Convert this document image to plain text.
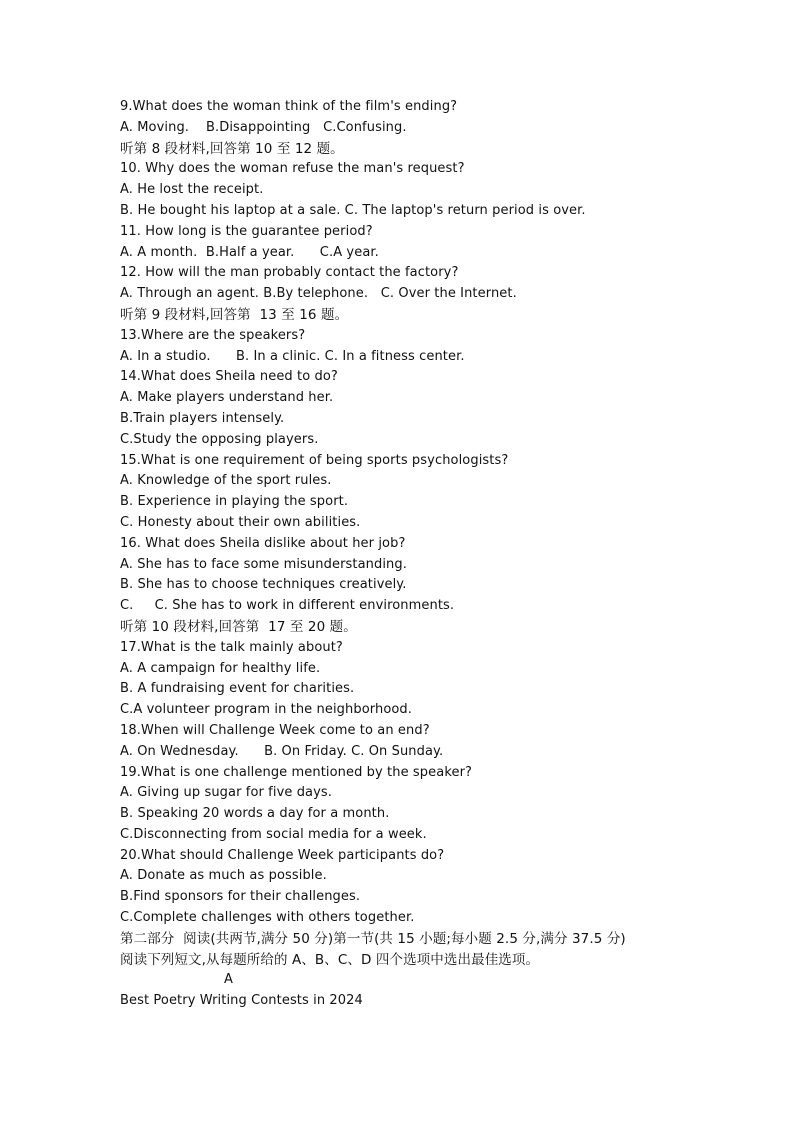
9.What does the woman think of the film's ending?
A. Moving.    B.Disappointing   C.Confusing.
听第 8 段材料,回答第 10 至 12 题。
10. Why does the woman refuse the man's request?
A. He lost the receipt.
B. He bought his laptop at a sale. C. The laptop's return period is over.
11. How long is the guarantee period?
A. A month.  B.Half a year.      C.A year.
12. How will the man probably contact the factory?
A. Through an agent. B.By telephone.   C. Over the Internet.
听第 9 段材料,回答第  13 至 16 题。
13.Where are the speakers?
A. In a studio.      B. In a clinic. C. In a fitness center.
14.What does Sheila need to do?
A. Make players understand her.
B.Train players intensely.
C.Study the opposing players.
15.What is one requirement of being sports psychologists?
A. Knowledge of the sport rules.
B. Experience in playing the sport.
C. Honesty about their own abilities.
16. What does Sheila dislike about her job?
A. She has to face some misunderstanding.
B. She has to choose techniques creatively.
C.     C. She has to work in different environments.
听第 10 段材料,回答第  17 至 20 题。
17.What is the talk mainly about?
A. A campaign for healthy life.
B. A fundraising event for charities.
C.A volunteer program in the neighborhood.
18.When will Challenge Week come to an end?
A. On Wednesday.      B. On Friday. C. On Sunday.
19.What is one challenge mentioned by the speaker?
A. Giving up sugar for five days.
B. Speaking 20 words a day for a month.
C.Disconnecting from social media for a week.
20.What should Challenge Week participants do?
A. Donate as much as possible.
B.Find sponsors for their challenges.
C.Complete challenges with others together.
第二部分  阅读(共两节,满分 50 分)第一节(共 15 小题;每小题 2.5 分,满分 37.5 分)
阅读下列短文,从每题所给的 A、B、C、D 四个选项中选出最佳选项。
A
Best Poetry Writing Contests in 2024
